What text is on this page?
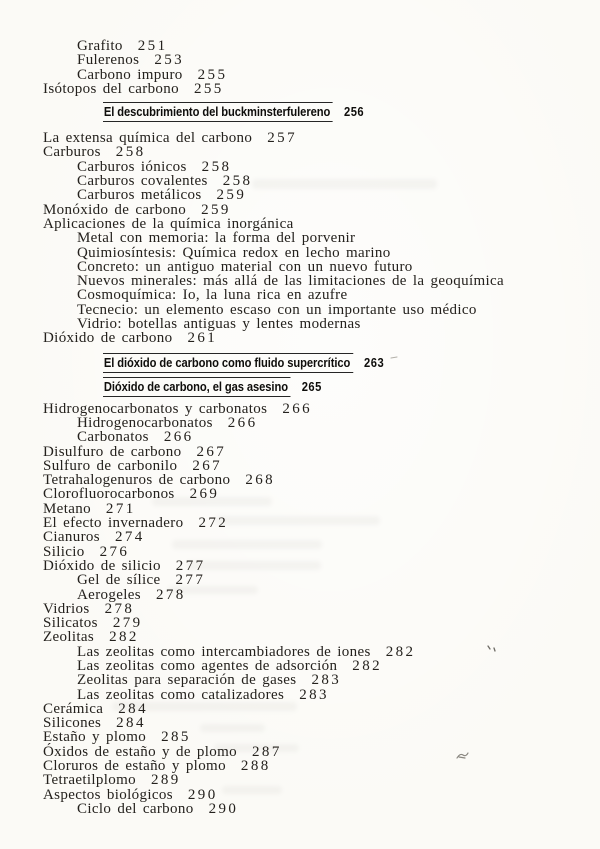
Grafito 251
Fulerenos 253
Carbono impuro 255
Isótopos del carbono 255
El descubrimiento del buckminsterfulereno 256
La extensa química del carbono 257
Carburos 258
Carburos iónicos 258
Carburos covalentes 258
Carburos metálicos 259
Monóxido de carbono 259
Aplicaciones de la química inorgánica
Metal con memoria: la forma del porvenir
Quimiosíntesis: Química redox en lecho marino
Concreto: un antiguo material con un nuevo futuro
Nuevos minerales: más allá de las limitaciones de la geoquímica
Cosmoquímica: Io, la luna rica en azufre
Tecnecio: un elemento escaso con un importante uso médico
Vidrio: botellas antiguas y lentes modernas
Dióxido de carbono 261
El dióxido de carbono como fluido supercrítico 263
Dióxido de carbono, el gas asesino 265
Hidrogenocarbonatos y carbonatos 266
Hidrogenocarbonatos 266
Carbonatos 266
Disulfuro de carbono 267
Sulfuro de carbonilo 267
Tetrahalogenuros de carbono 268
Clorofluorocarbonos 269
Metano 271
El efecto invernadero 272
Cianuros 274
Silicio 276
Dióxido de silicio 277
Gel de sílice 277
Aerogeles 278
Vidrios 278
Silicatos 279
Zeolitas 282
Las zeolitas como intercambiadores de iones 282
Las zeolitas como agentes de adsorción 282
Zeolitas para separación de gases 283
Las zeolitas como catalizadores 283
Cerámica 284
Silicones 284
Estaño y plomo 285
Óxidos de estaño y de plomo 287
Cloruros de estaño y plomo 288
Tetraetilplomo 289
Aspectos biológicos 290
Ciclo del carbono 290
